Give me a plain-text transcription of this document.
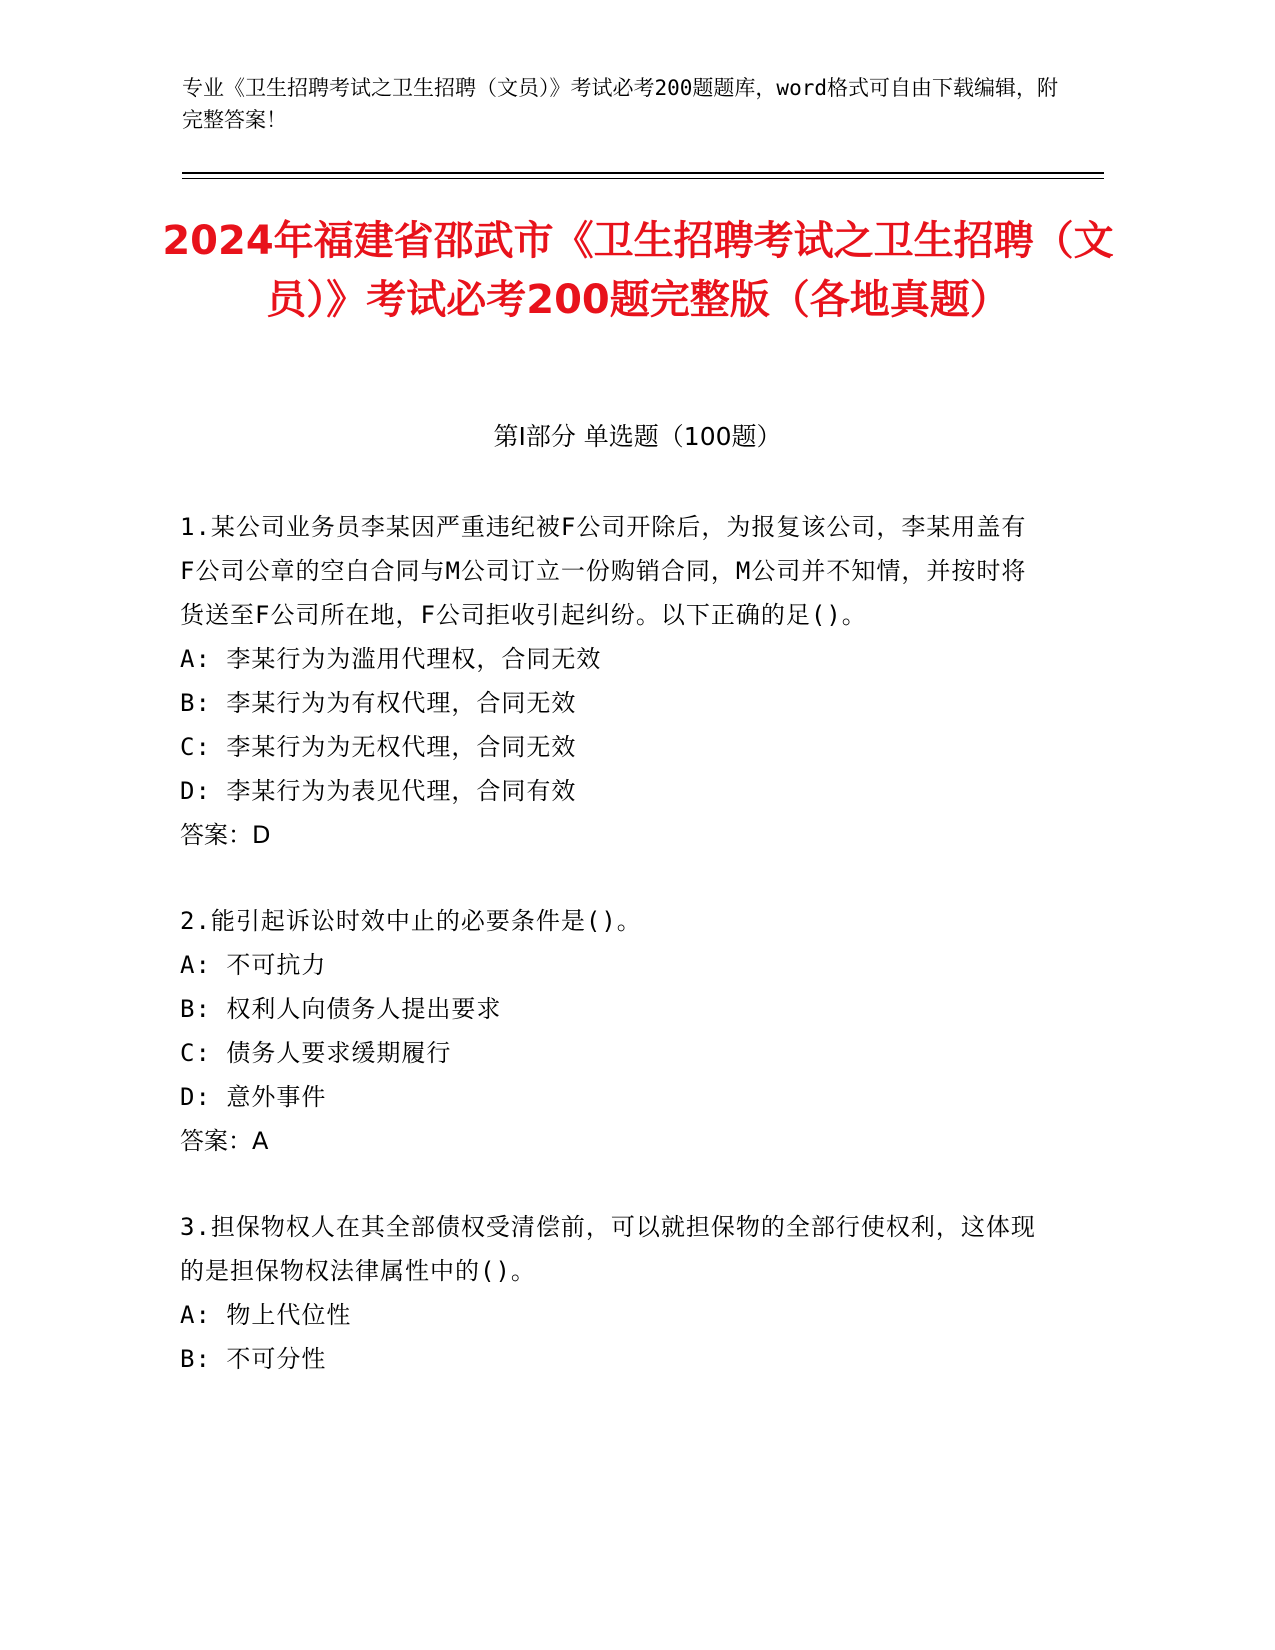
专业《卫生招聘考试之卫生招聘（文员）》考试必考200题题库，word格式可自由下载编辑，附完整答案！
2024年福建省邵武市《卫生招聘考试之卫生招聘（文员）》考试必考200题完整版（各地真题）
第Ⅰ部分 单选题（100题）
1.某公司业务员李某因严重违纪被F公司开除后，为报复该公司，李某用盖有F公司公章的空白合同与M公司订立一份购销合同，M公司并不知情，并按时将货送至F公司所在地，F公司拒收引起纠纷。以下正确的足()。
A: 李某行为为滥用代理权，合同无效
B: 李某行为为有权代理，合同无效
C: 李某行为为无权代理，合同无效
D: 李某行为为表见代理，合同有效
答案：D
2.能引起诉讼时效中止的必要条件是()。
A: 不可抗力
B: 权利人向债务人提出要求
C: 债务人要求缓期履行
D: 意外事件
答案：A
3.担保物权人在其全部债权受清偿前，可以就担保物的全部行使权利，这体现的是担保物权法律属性中的()。
A: 物上代位性
B: 不可分性
